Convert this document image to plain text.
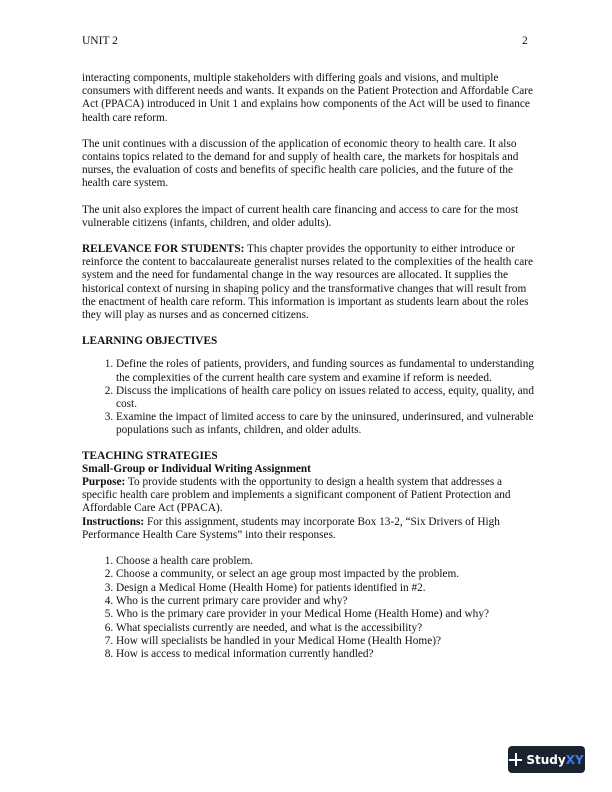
UNIT 2	2

interacting components, multiple stakeholders with differing goals and visions, and multiple consumers with different needs and wants. It expands on the Patient Protection and Affordable Care Act (PPACA) introduced in Unit 1 and explains how components of the Act will be used to finance health care reform.

The unit continues with a discussion of the application of economic theory to health care. It also contains topics related to the demand for and supply of health care, the markets for hospitals and nurses, the evaluation of costs and benefits of specific health care policies, and the future of the health care system.

The unit also explores the impact of current health care financing and access to care for the most vulnerable citizens (infants, children, and older adults).

RELEVANCE FOR STUDENTS: This chapter provides the opportunity to either introduce or reinforce the content to baccalaureate generalist nurses related to the complexities of the health care system and the need for fundamental change in the way resources are allocated. It supplies the historical context of nursing in shaping policy and the transformative changes that will result from the enactment of health care reform. This information is important as students learn about the roles they will play as nurses and as concerned citizens.

LEARNING OBJECTIVES
1. Define the roles of patients, providers, and funding sources as fundamental to understanding the complexities of the current health care system and examine if reform is needed.
2. Discuss the implications of health care policy on issues related to access, equity, quality, and cost.
3. Examine the impact of limited access to care by the uninsured, underinsured, and vulnerable populations such as infants, children, and older adults.
TEACHING STRATEGIES
Small-Group or Individual Writing Assignment

Purpose: To provide students with the opportunity to design a health system that addresses a specific health care problem and implements a significant component of Patient Protection and Affordable Care Act (PPACA).

Instructions: For this assignment, students may incorporate Box 13-2, “Six Drivers of High Performance Health Care Systems” into their responses.

1. Choose a health care problem.
2. Choose a community, or select an age group most impacted by the problem.
3. Design a Medical Home (Health Home) for patients identified in #2.
4. Who is the current primary care provider and why?
5. Who is the primary care provider in your Medical Home (Health Home) and why?
6. What specialists currently are needed, and what is the accessibility?
7. How will specialists be handled in your Medical Home (Health Home)?
8. How is access to medical information currently handled?
StudyXY
